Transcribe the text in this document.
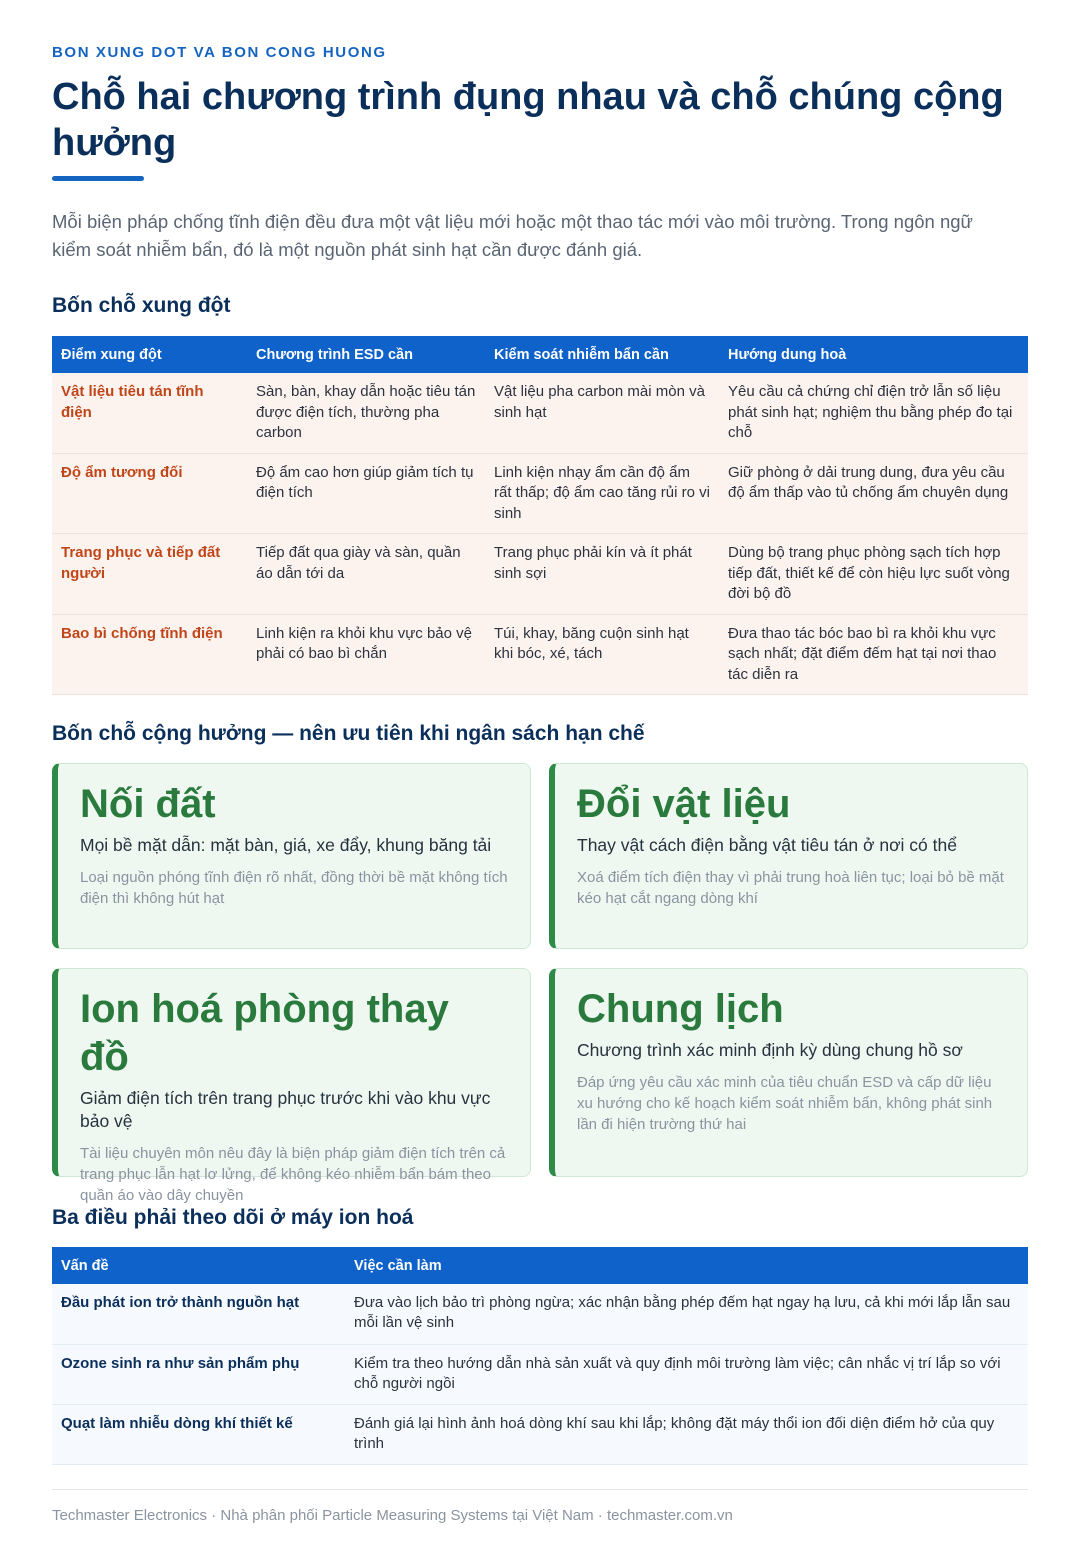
BON XUNG DOT VA BON CONG HUONG
Chỗ hai chương trình đụng nhau và chỗ chúng cộng hưởng

Mỗi biện pháp chống tĩnh điện đều đưa một vật liệu mới hoặc một thao tác mới vào môi trường. Trong ngôn ngữ kiểm soát nhiễm bẩn, đó là một nguồn phát sinh hạt cần được đánh giá.

Bốn chỗ xung đột
Điểm xung đột	Chương trình ESD cần	Kiểm soát nhiễm bẩn cần	Hướng dung hoà
Vật liệu tiêu tán tĩnh điện	Sàn, bàn, khay dẫn hoặc tiêu tán được điện tích, thường pha carbon	Vật liệu pha carbon mài mòn và sinh hạt	Yêu cầu cả chứng chỉ điện trở lẫn số liệu phát sinh hạt; nghiệm thu bằng phép đo tại chỗ
Độ ẩm tương đối	Độ ẩm cao hơn giúp giảm tích tụ điện tích	Linh kiện nhạy ẩm cần độ ẩm rất thấp; độ ẩm cao tăng rủi ro vi sinh	Giữ phòng ở dải trung dung, đưa yêu cầu độ ẩm thấp vào tủ chống ẩm chuyên dụng
Trang phục và tiếp đất người	Tiếp đất qua giày và sàn, quần áo dẫn tới da	Trang phục phải kín và ít phát sinh sợi	Dùng bộ trang phục phòng sạch tích hợp tiếp đất, thiết kế để còn hiệu lực suốt vòng đời bộ đồ
Bao bì chống tĩnh điện	Linh kiện ra khỏi khu vực bảo vệ phải có bao bì chắn	Túi, khay, băng cuộn sinh hạt khi bóc, xé, tách	Đưa thao tác bóc bao bì ra khỏi khu vực sạch nhất; đặt điểm đếm hạt tại nơi thao tác diễn ra
Bốn chỗ cộng hưởng — nên ưu tiên khi ngân sách hạn chế
Nối đất
Mọi bề mặt dẫn: mặt bàn, giá, xe đẩy, khung băng tải
Loại nguồn phóng tĩnh điện rõ nhất, đồng thời bề mặt không tích điện thì không hút hạt
Đổi vật liệu
Thay vật cách điện bằng vật tiêu tán ở nơi có thể
Xoá điểm tích điện thay vì phải trung hoà liên tục; loại bỏ bề mặt kéo hạt cắt ngang dòng khí
Ion hoá phòng thay đồ
Giảm điện tích trên trang phục trước khi vào khu vực bảo vệ
Tài liệu chuyên môn nêu đây là biện pháp giảm điện tích trên cả trang phục lẫn hạt lơ lửng, để không kéo nhiễm bẩn bám theo quần áo vào dây chuyền
Chung lịch
Chương trình xác minh định kỳ dùng chung hồ sơ
Đáp ứng yêu cầu xác minh của tiêu chuẩn ESD và cấp dữ liệu xu hướng cho kế hoạch kiểm soát nhiễm bẩn, không phát sinh lần đi hiện trường thứ hai
Ba điều phải theo dõi ở máy ion hoá
Vấn đề	Việc cần làm
Đầu phát ion trở thành nguồn hạt	Đưa vào lịch bảo trì phòng ngừa; xác nhận bằng phép đếm hạt ngay hạ lưu, cả khi mới lắp lẫn sau mỗi lần vệ sinh
Ozone sinh ra như sản phẩm phụ	Kiểm tra theo hướng dẫn nhà sản xuất và quy định môi trường làm việc; cân nhắc vị trí lắp so với chỗ người ngồi
Quạt làm nhiễu dòng khí thiết kế	Đánh giá lại hình ảnh hoá dòng khí sau khi lắp; không đặt máy thổi ion đối diện điểm hở của quy trình
Techmaster Electronics · Nhà phân phối Particle Measuring Systems tại Việt Nam · techmaster.com.vn
